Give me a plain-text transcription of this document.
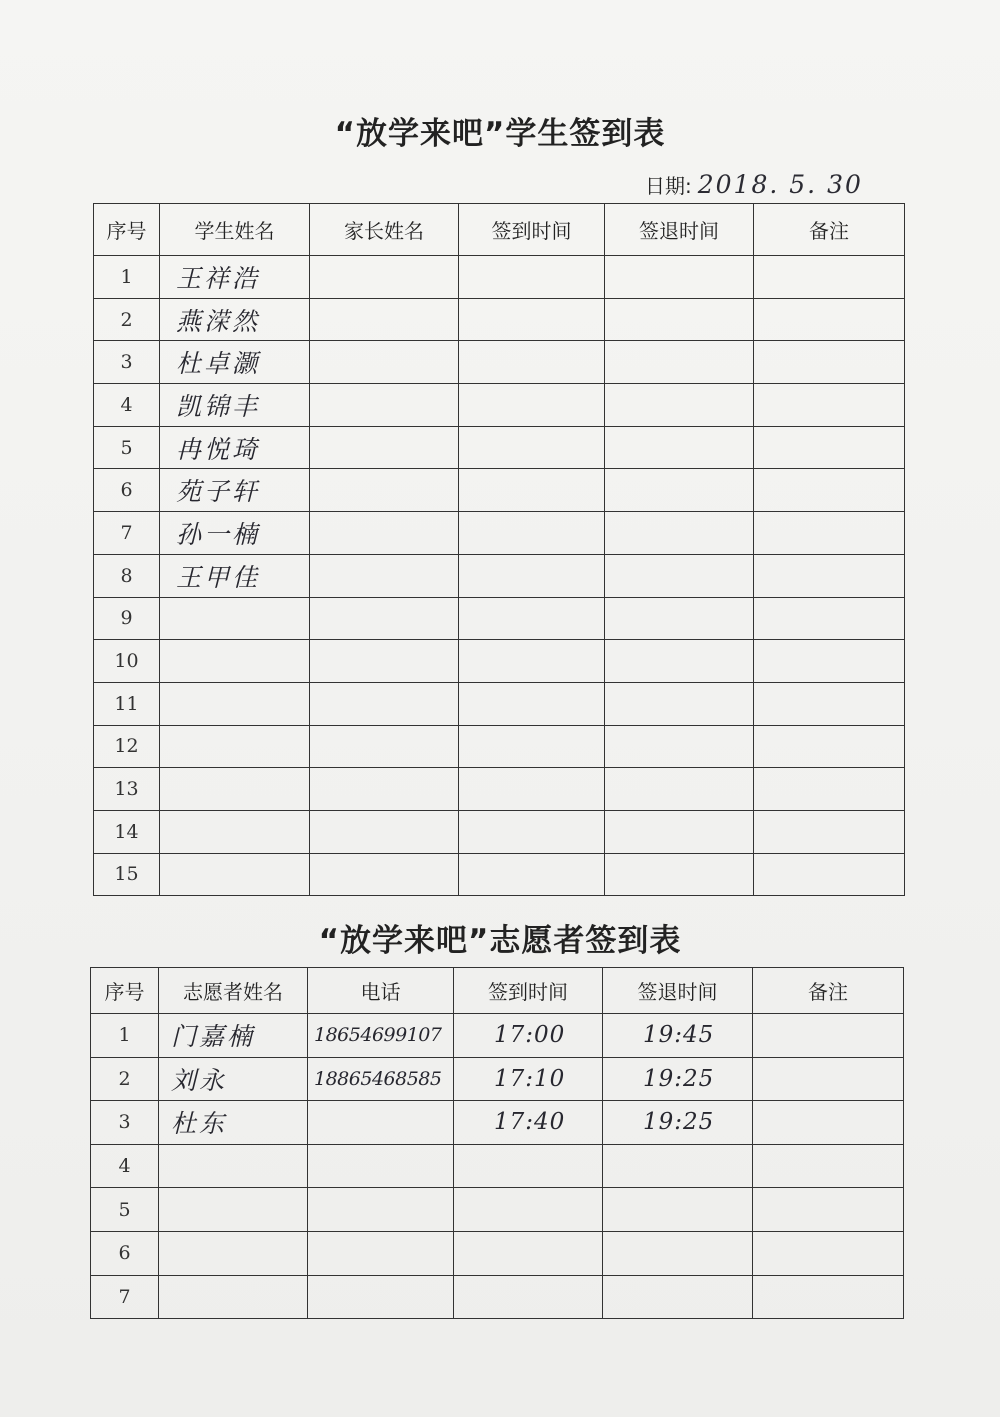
“放学来吧”学生签到表
日期: 2018. 5. 30
序号	学生姓名	家长姓名	签到时间	签退时间	备注
1	王祥浩				
2	燕溁然				
3	杜卓灏				
4	凯锦丰				
5	冉悦琦				
6	苑子轩				
7	孙一楠				
8	王甲佳				
9					
10					
11					
12					
13					
14					
15					
“放学来吧”志愿者签到表
序号	志愿者姓名	电话	签到时间	签退时间	备注
1	门嘉楠	18654699107	17:00	19:45	
2	刘永	18865468585	17:10	19:25	
3	杜东		17:40	19:25	
4					
5					
6					
7					
